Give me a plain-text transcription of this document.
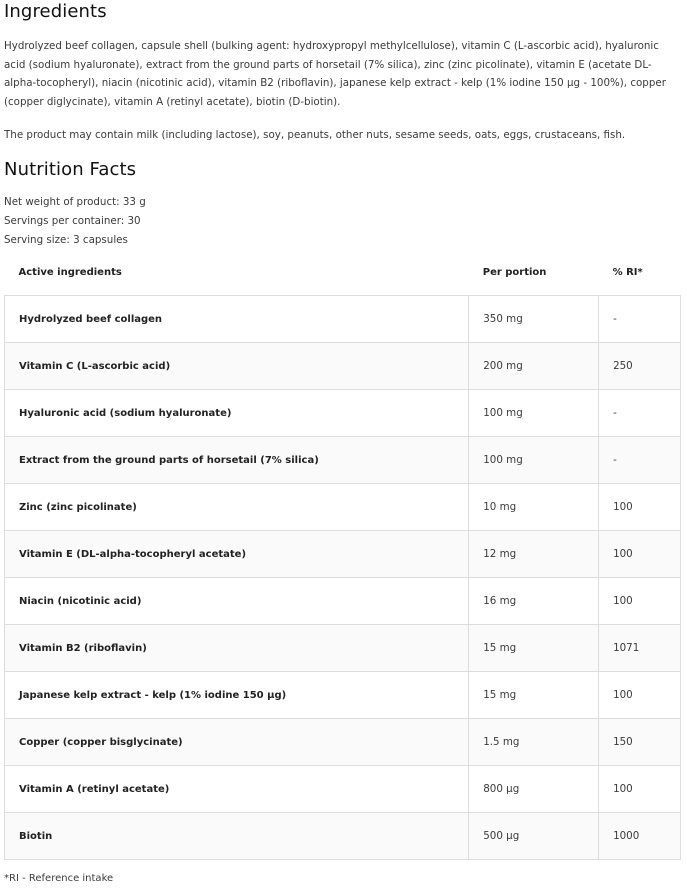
Ingredients

Hydrolyzed beef collagen, capsule shell (bulking agent: hydroxypropyl methylcellulose), vitamin C (L-ascorbic acid), hyaluronic acid (sodium hyaluronate), extract from the ground parts of horsetail (7% silica), zinc (zinc picolinate), vitamin E (acetate DL-alpha-tocopheryl), niacin (nicotinic acid), vitamin B2 (riboflavin), japanese kelp extract - kelp (1% iodine 150 µg - 100%), copper (copper diglycinate), vitamin A (retinyl acetate), biotin (D-biotin).

The product may contain milk (including lactose), soy, peanuts, other nuts, sesame seeds, oats, eggs, crustaceans, fish.

Nutrition Facts
Net weight of product: 33 g
Servings per container: 30
Serving size: 3 capsules
Active ingredients	Per portion	% RI*
Hydrolyzed beef collagen	350 mg	-
Vitamin C (L-ascorbic acid)	200 mg	250
Hyaluronic acid (sodium hyaluronate)	100 mg	-
Extract from the ground parts of horsetail (7% silica)	100 mg	-
Zinc (zinc picolinate)	10 mg	100
Vitamin E (DL-alpha-tocopheryl acetate)	12 mg	100
Niacin (nicotinic acid)	16 mg	100
Vitamin B2 (riboflavin)	15 mg	1071
Japanese kelp extract - kelp (1% iodine 150 µg)	15 mg	100
Copper (copper bisglycinate)	1.5 mg	150
Vitamin A (retinyl acetate)	800 µg	100
Biotin	500 µg	1000
*RI - Reference intake
